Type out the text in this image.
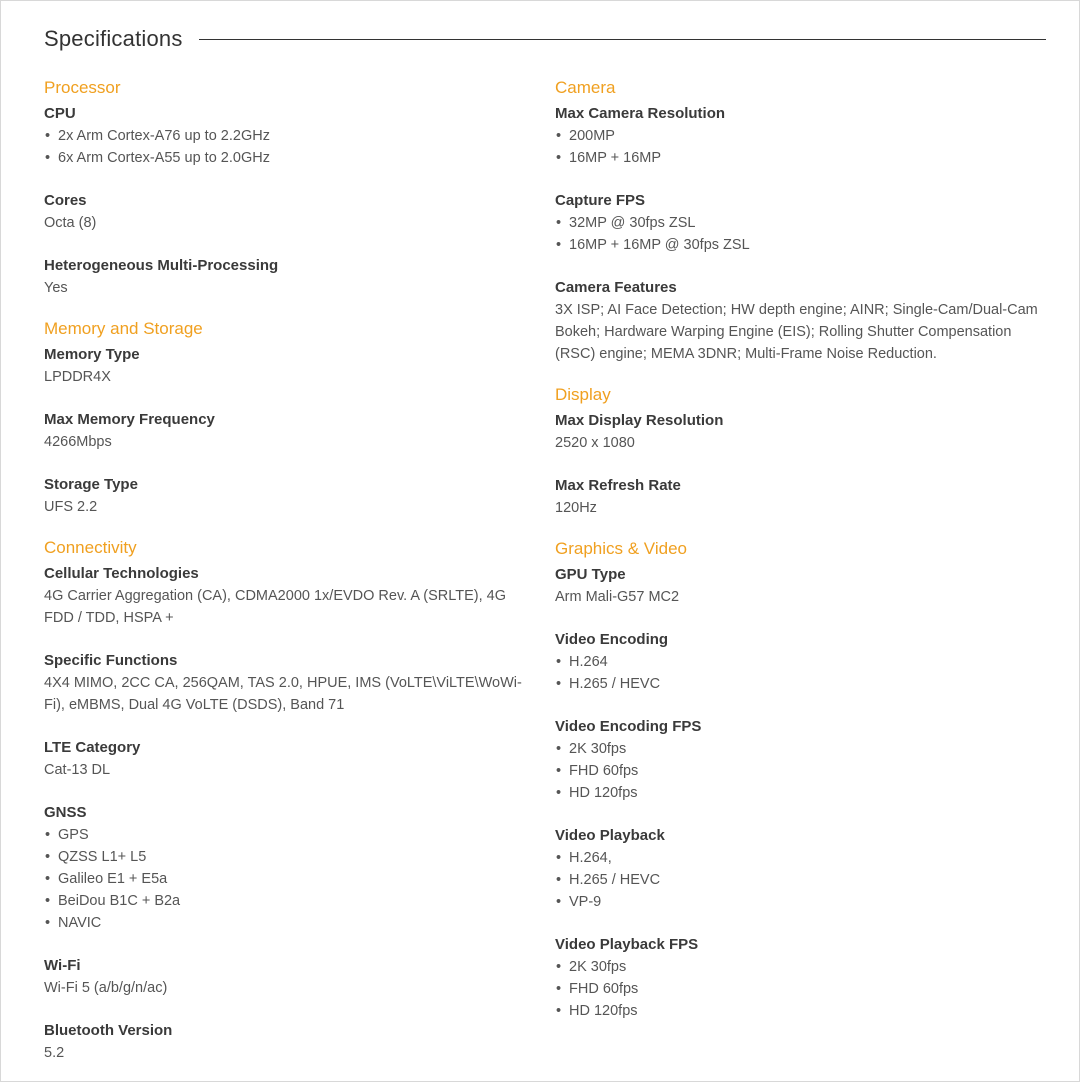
Specifications
Processor
CPU
• 2x Arm Cortex-A76 up to 2.2GHz
• 6x Arm Cortex-A55 up to 2.0GHz
Cores
Octa (8)
Heterogeneous Multi-Processing
Yes
Memory and Storage
Memory Type
LPDDR4X
Max Memory Frequency
4266Mbps
Storage Type
UFS 2.2
Connectivity
Cellular Technologies
4G Carrier Aggregation (CA), CDMA2000 1x/EVDO Rev. A (SRLTE), 4G FDD / TDD, HSPA +
Specific Functions
4X4 MIMO, 2CC CA, 256QAM, TAS 2.0, HPUE, IMS (VoLTE\ViLTE\WoWi-Fi), eMBMS, Dual 4G VoLTE (DSDS), Band 71
LTE Category
Cat-13 DL
GNSS
• GPS
• QZSS L1+ L5
• Galileo E1 + E5a
• BeiDou B1C + B2a
• NAVIC
Wi-Fi
Wi-Fi 5 (a/b/g/n/ac)
Bluetooth Version
5.2
Camera
Max Camera Resolution
• 200MP
• 16MP + 16MP
Capture FPS
• 32MP @ 30fps ZSL
• 16MP + 16MP @ 30fps ZSL
Camera Features
3X ISP; AI Face Detection; HW depth engine; AINR; Single-Cam/Dual-Cam Bokeh; Hardware Warping Engine (EIS); Rolling Shutter Compensation (RSC) engine; MEMA 3DNR; Multi-Frame Noise Reduction.
Display
Max Display Resolution
2520 x 1080
Max Refresh Rate
120Hz
Graphics & Video
GPU Type
Arm Mali-G57 MC2
Video Encoding
• H.264
• H.265 / HEVC
Video Encoding FPS
• 2K 30fps
• FHD 60fps
• HD 120fps
Video Playback
• H.264,
• H.265 / HEVC
• VP-9
Video Playback FPS
• 2K 30fps
• FHD 60fps
• HD 120fps
